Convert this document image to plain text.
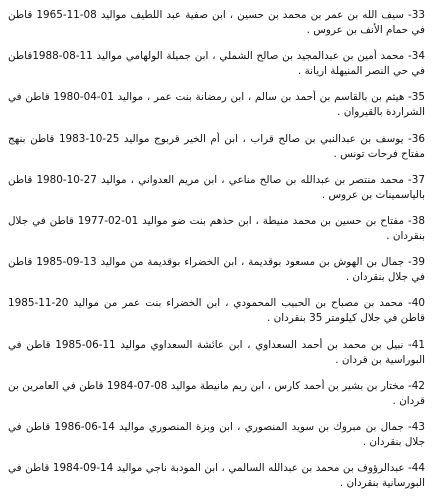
33- سيف الله بن عمر بن محمد بن حسين ، ابن صفية عبد اللطيف مواليد 08-11-1965 قاطن في حمام الأنف بن عروس .

34- محمد أمين بن عبدالمجيد بن صالح الشملي ، ابن جميلة الولهامي مواليد 11-08-1988قاطن في حي النصر المنيهلة اريانة .

35- هيثم بن بالقاسم بن أحمد بن سالم ، ابن رمضانة بنت عمر ، مواليد 01-04-1980 قاطن في الشراردة بالقيروان .

36- يوسف بن عبدالنبي بن صالح قراب ، ابن أم الخير قربوج مواليد 25-10-1983 قاطن بنهج مفتاح فرحات تونس .

37- محمد منتصر بن عبدالله بن صالح مناعي ، ابن مريم العدواني ، مواليد 27-10-1980 قاطن بالياسمينات بن عروس .

38- مفتاح بن حسين بن محمد منيطة ، ابن حذهم بنت ضو مواليد 01-02-1977 قاطن في جلال بنقردان .

39- جمال بن الهوش بن مسعود بوقديمة ، ابن الخضراء بوقديمة من مواليد 13-09-1985 قاطن في جلال بنقردان .

40- محمد بن مصباح بن الحبيب المحمودي ، ابن الخضراء بنت عمر من مواليد 20-11-1985 قاطن في جلال كيلومتر 35 بنقردان .

41- نبيل بن محمد بن أحمد السعداوي ، ابن عائشة السعداوي مواليد 11-06-1985 قاطن في البوراسية بن قردان .

42- مختار بن بشير بن أحمد كارس ، ابن ريم مانيطة مواليد 08-07-1984 قاطن في العامرين بن قردان .

43- جمال بن مبروك بن سويد المنصوري ، ابن وبزة المنصوري مواليد 14-06-1986 قاطن في جلال بنقردان .

44- عبدالرؤوف بن محمد بن عبدالله السالمي ، ابن المودبة ناجي مواليد 14-09-1984 قاطن في البورسانية بنقردان .
